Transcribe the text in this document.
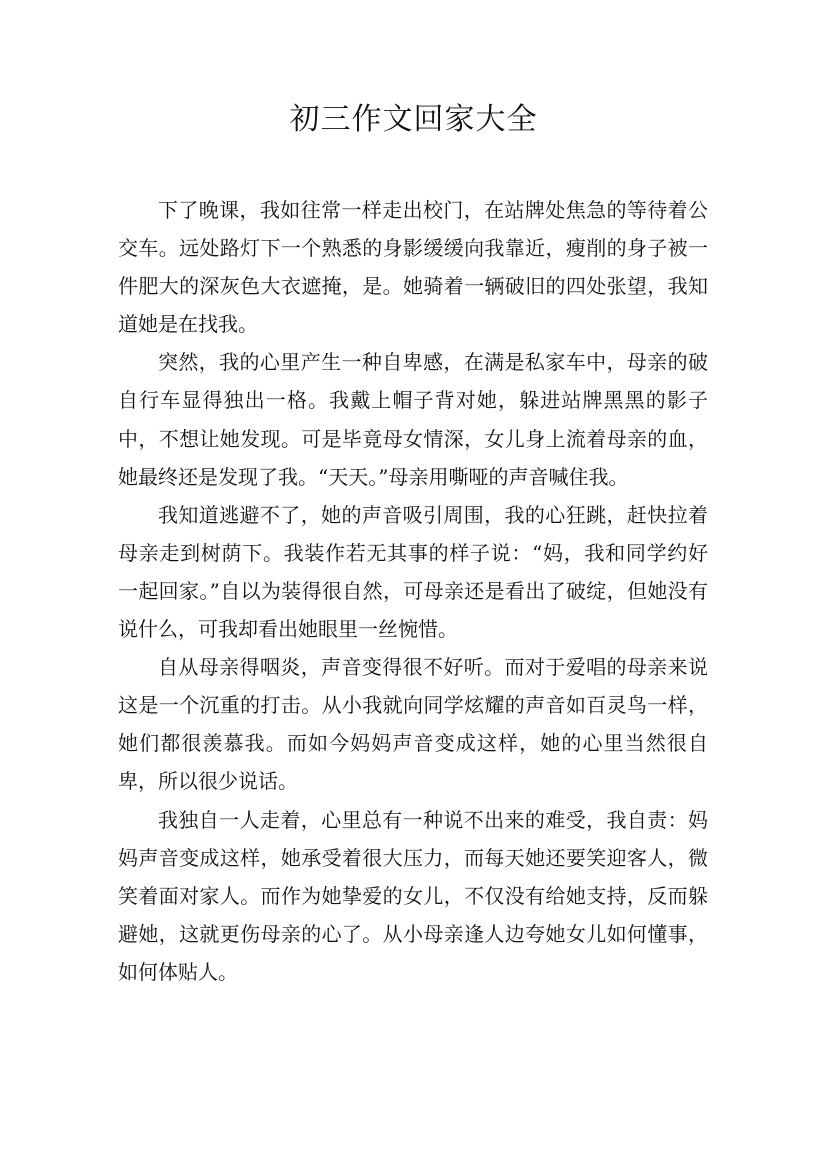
初三作文回家大全

下了晚课，我如往常一样走出校门，在站牌处焦急的等待着公交车。远处路灯下一个熟悉的身影缓缓向我靠近，瘦削的身子被一件肥大的深灰色大衣遮掩，是。她骑着一辆破旧的四处张望，我知道她是在找我。

突然，我的心里产生一种自卑感，在满是私家车中，母亲的破自行车显得独出一格。我戴上帽子背对她，躲进站牌黑黑的影子中，不想让她发现。可是毕竟母女情深，女儿身上流着母亲的血，她最终还是发现了我。“天天。”母亲用嘶哑的声音喊住我。

我知道逃避不了，她的声音吸引周围，我的心狂跳，赶快拉着母亲走到树荫下。我装作若无其事的样子说：“妈，我和同学约好一起回家。”自以为装得很自然，可母亲还是看出了破绽，但她没有说什么，可我却看出她眼里一丝惋惜。

自从母亲得咽炎，声音变得很不好听。而对于爱唱的母亲来说这是一个沉重的打击。从小我就向同学炫耀的声音如百灵鸟一样，她们都很羡慕我。而如今妈妈声音变成这样，她的心里当然很自卑，所以很少说话。

我独自一人走着，心里总有一种说不出来的难受，我自责：妈妈声音变成这样，她承受着很大压力，而每天她还要笑迎客人，微笑着面对家人。而作为她挚爱的女儿，不仅没有给她支持，反而躲避她，这就更伤母亲的心了。从小母亲逢人边夸她女儿如何懂事，如何体贴人。
